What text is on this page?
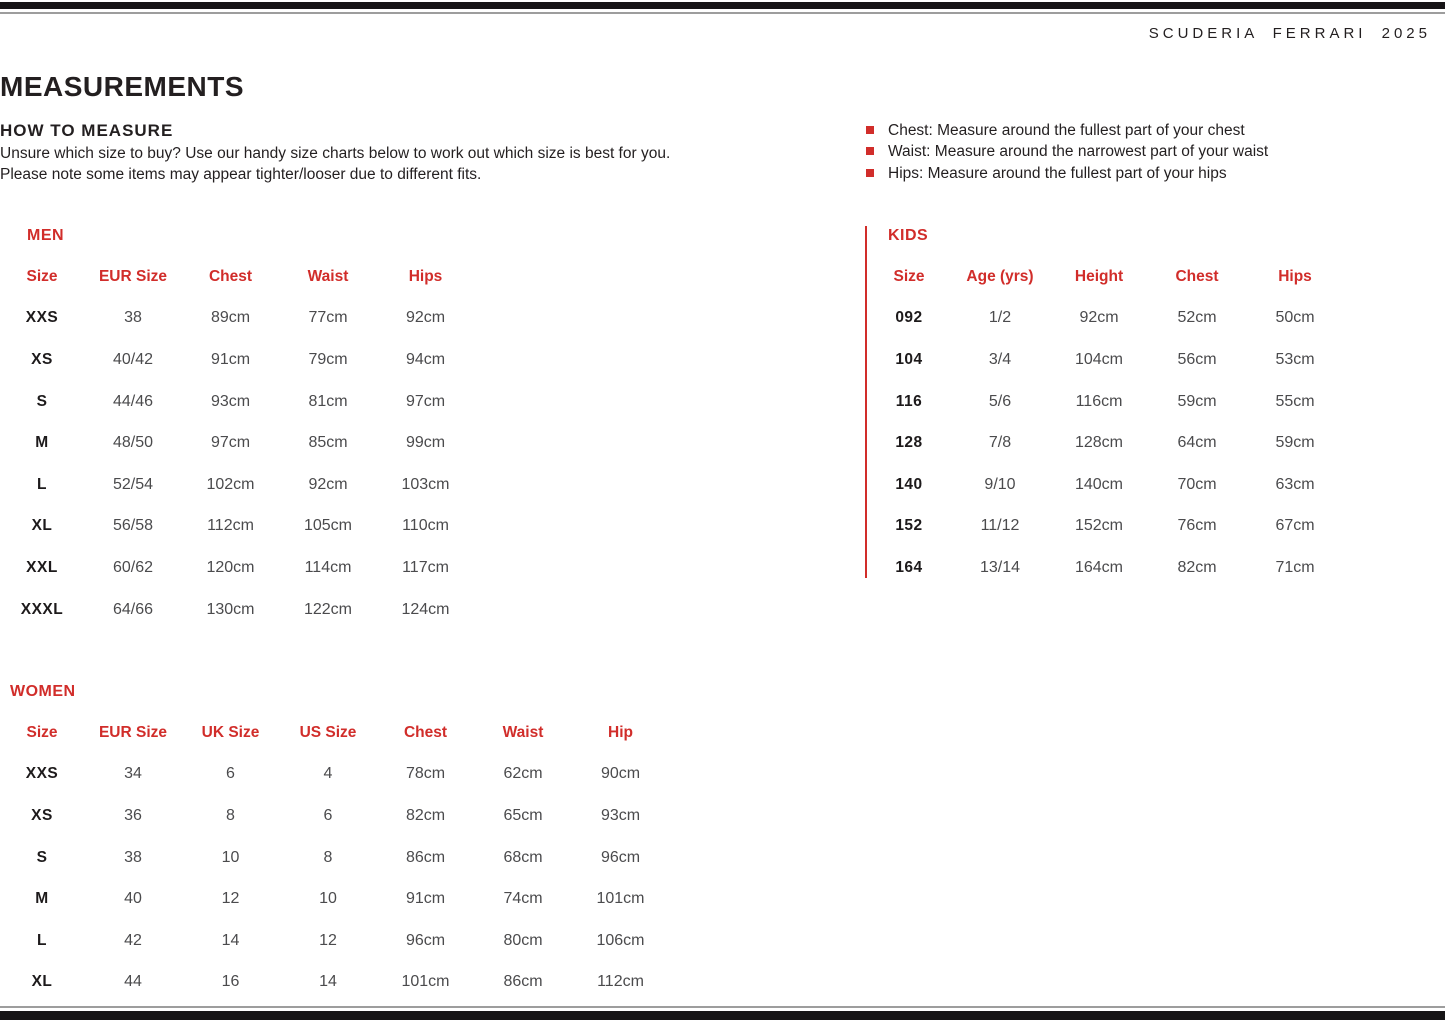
SCUDERIA FERRARI 2025
MEASUREMENTS
HOW TO MEASURE
Unsure which size to buy? Use our handy size charts below to work out which size is best for you.
Please note some items may appear tighter/looser due to different fits.
Chest: Measure around the fullest part of your chest
Waist: Measure around the narrowest part of your waist
Hips: Measure around the fullest part of your hips
MEN
Size	EUR Size	Chest	Waist	Hips
XXS	38	89cm	77cm	92cm
XS	40/42	91cm	79cm	94cm
S	44/46	93cm	81cm	97cm
M	48/50	97cm	85cm	99cm
L	52/54	102cm	92cm	103cm
XL	56/58	112cm	105cm	110cm
XXL	60/62	120cm	114cm	117cm
XXXL	64/66	130cm	122cm	124cm
KIDS
Size	Age (yrs)	Height	Chest	Hips
092	1/2	92cm	52cm	50cm
104	3/4	104cm	56cm	53cm
116	5/6	116cm	59cm	55cm
128	7/8	128cm	64cm	59cm
140	9/10	140cm	70cm	63cm
152	11/12	152cm	76cm	67cm
164	13/14	164cm	82cm	71cm
WOMEN
Size	EUR Size	UK Size	US Size	Chest	Waist	Hip
XXS	34	6	4	78cm	62cm	90cm
XS	36	8	6	82cm	65cm	93cm
S	38	10	8	86cm	68cm	96cm
M	40	12	10	91cm	74cm	101cm
L	42	14	12	96cm	80cm	106cm
XL	44	16	14	101cm	86cm	112cm
